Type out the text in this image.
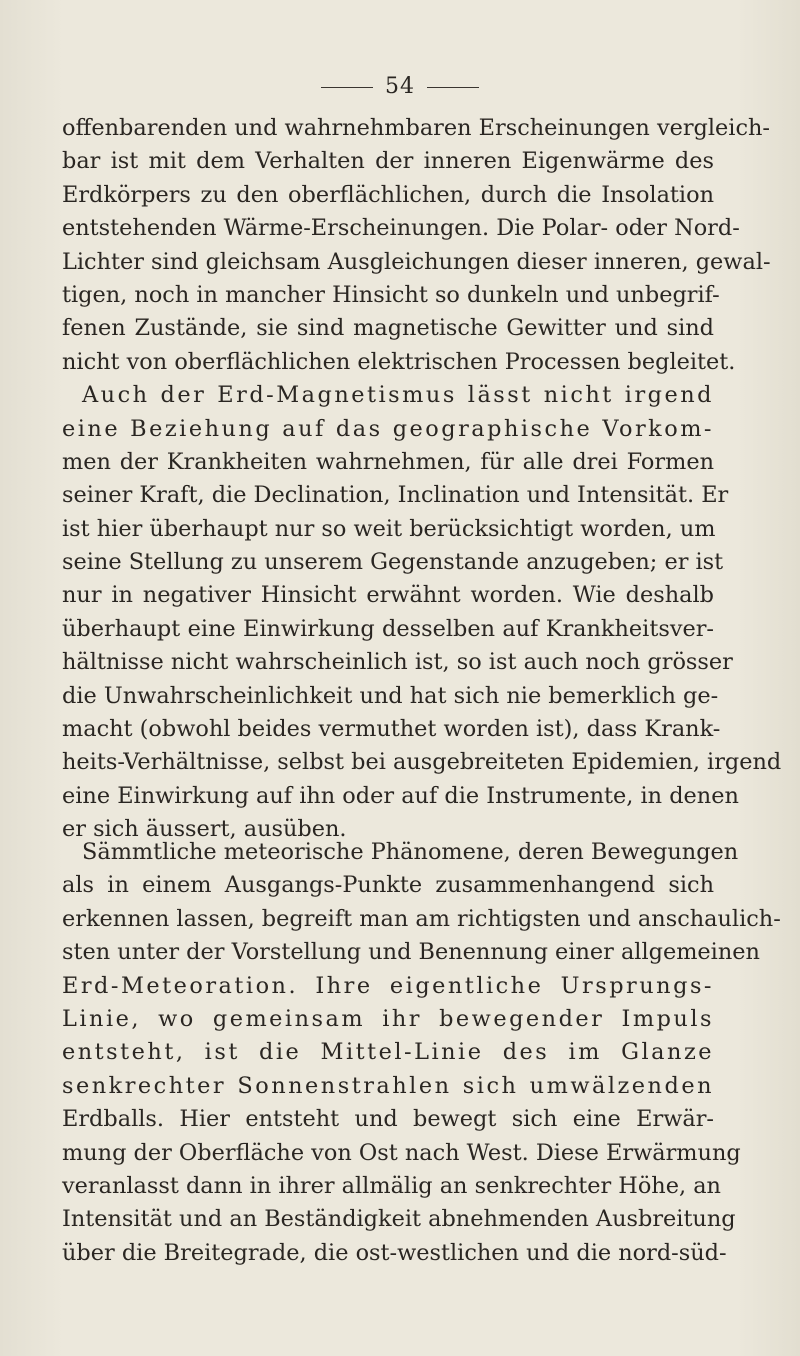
54
offenbarenden und wahrnehmbaren Erscheinungen vergleich-
bar ist mit dem Verhalten der inneren Eigenwärme des
Erdkörpers zu den oberflächlichen, durch die Insolation
entstehenden Wärme-Erscheinungen. Die Polar- oder Nord-
Lichter sind gleichsam Ausgleichungen dieser inneren, gewal-
tigen, noch in mancher Hinsicht so dunkeln und unbegrif-
fenen Zustände, sie sind magnetische Gewitter und sind
nicht von oberflächlichen elektrischen Processen begleitet.
Auch der Erd-Magnetismus lässt nicht irgend
eine Beziehung auf das geographische Vorkom-
men der Krankheiten wahrnehmen, für alle drei Formen
seiner Kraft, die Declination, Inclination und Intensität. Er
ist hier überhaupt nur so weit berücksichtigt worden, um
seine Stellung zu unserem Gegenstande anzugeben; er ist
nur in negativer Hinsicht erwähnt worden. Wie deshalb
überhaupt eine Einwirkung desselben auf Krankheitsver-
hältnisse nicht wahrscheinlich ist, so ist auch noch grösser
die Unwahrscheinlichkeit und hat sich nie bemerklich ge-
macht (obwohl beides vermuthet worden ist), dass Krank-
heits-Verhältnisse, selbst bei ausgebreiteten Epidemien, irgend
eine Einwirkung auf ihn oder auf die Instrumente, in denen
er sich äussert, ausüben.
Sämmtliche meteorische Phänomene, deren Bewegungen
als in einem Ausgangs-Punkte zusammenhangend sich
erkennen lassen, begreift man am richtigsten und anschaulich-
sten unter der Vorstellung und Benennung einer allgemeinen
Erd-Meteoration. Ihre eigentliche Ursprungs-
Linie, wo gemeinsam ihr bewegender Impuls
entsteht, ist die Mittel-Linie des im Glanze
senkrechter Sonnenstrahlen sich umwälzenden
Erdballs. Hier entsteht und bewegt sich eine Erwär-
mung der Oberfläche von Ost nach West. Diese Erwärmung
veranlasst dann in ihrer allmälig an senkrechter Höhe, an
Intensität und an Beständigkeit abnehmenden Ausbreitung
über die Breitegrade, die ost-westlichen und die nord-süd-
